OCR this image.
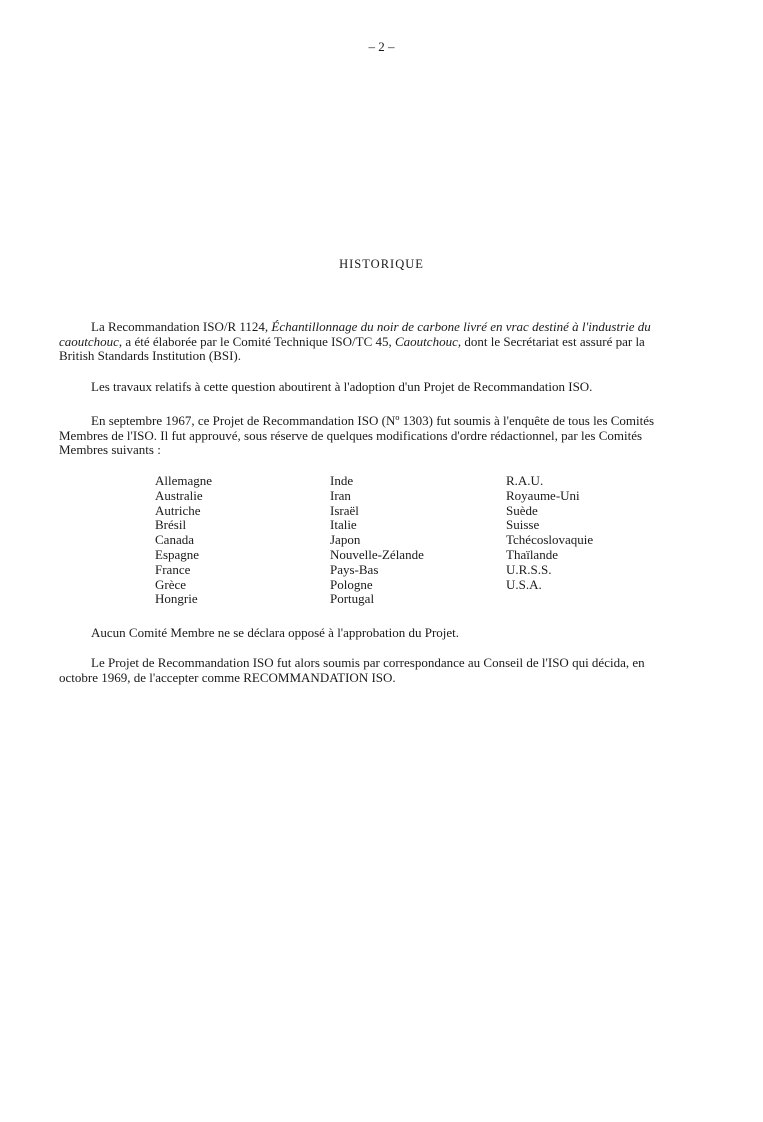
– 2 –
HISTORIQUE
La Recommandation ISO/R 1124, Échantillonnage du noir de carbone livré en vrac destiné à l'industrie du caoutchouc, a été élaborée par le Comité Technique ISO/TC 45, Caoutchouc, dont le Secrétariat est assuré par la British Standards Institution (BSI).
Les travaux relatifs à cette question aboutirent à l'adoption d'un Projet de Recommandation ISO.
En septembre 1967, ce Projet de Recommandation ISO (Nº 1303) fut soumis à l'enquête de tous les Comités Membres de l'ISO. Il fut approuvé, sous réserve de quelques modifications d'ordre rédactionnel, par les Comités Membres suivants :
Allemagne
Australie
Autriche
Brésil
Canada
Espagne
France
Grèce
Hongrie
Inde
Iran
Israël
Italie
Japon
Nouvelle-Zélande
Pays-Bas
Pologne
Portugal
R.A.U.
Royaume-Uni
Suède
Suisse
Tchécoslovaquie
Thaïlande
U.R.S.S.
U.S.A.
Aucun Comité Membre ne se déclara opposé à l'approbation du Projet.
Le Projet de Recommandation ISO fut alors soumis par correspondance au Conseil de l'ISO qui décida, en octobre 1969, de l'accepter comme RECOMMANDATION ISO.
